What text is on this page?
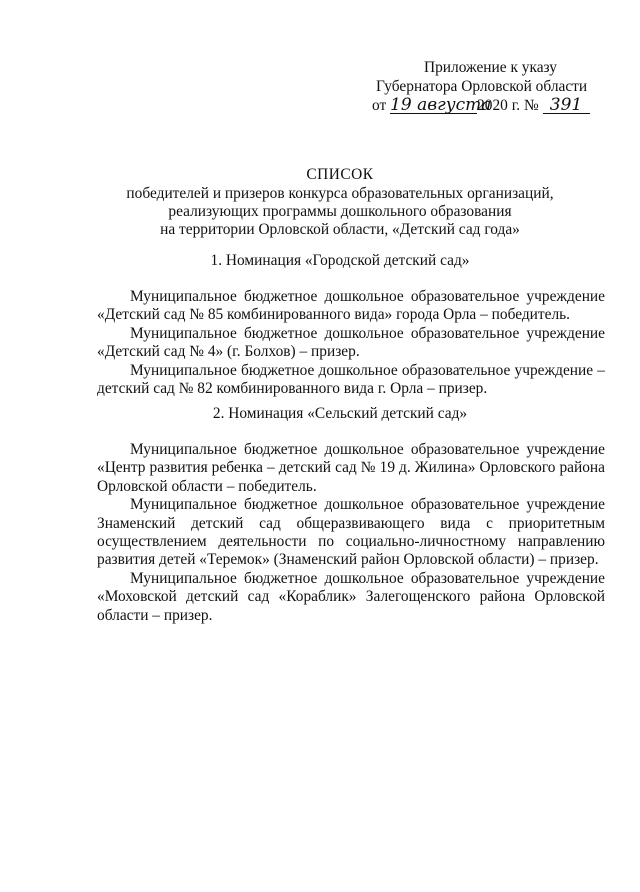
Приложение к указу
Губернатора Орловской области
от 19 августа2020 г. № 391
СПИСОК
победителей и призеров конкурса образовательных организаций,
реализующих программы дошкольного образования
на территории Орловской области, «Детский сад года»
1. Номинация «Городской детский сад»

Муниципальное бюджетное дошкольное образовательное учреждение «Детский сад № 85 комбинированного вида» города Орла – победитель.

Муниципальное бюджетное дошкольное образовательное учреждение «Детский сад № 4» (г. Болхов) – призер.

Муниципальное бюджетное дошкольное образовательное учреждение – детский сад № 82 комбинированного вида г. Орла – призер.

2. Номинация «Сельский детский сад»

Муниципальное бюджетное дошкольное образовательное учреждение «Центр развития ребенка – детский сад № 19 д. Жилина» Орловского района Орловской области – победитель.

Муниципальное бюджетное дошкольное образовательное учреждение Знаменский детский сад общеразвивающего вида с приоритетным осуществлением деятельности по социально-личностному направлению развития детей «Теремок» (Знаменский район Орловской области) – призер.

Муниципальное бюджетное дошкольное образовательное учреждение «Моховской детский сад «Кораблик» Залегощенского района Орловской области – призер.
